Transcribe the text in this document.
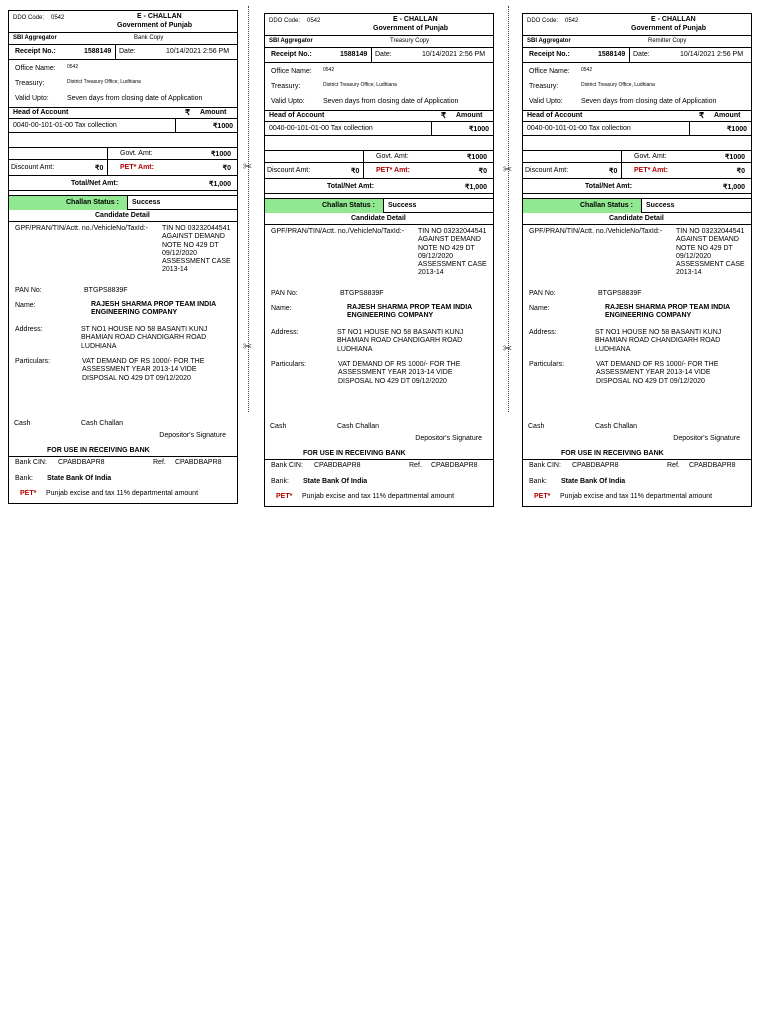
DDO Code: 0542	E - CHALLAN
Government of Punjab
SBI Aggregator	Bank Copy
Receipt No.:	1588149 Date:	10/14/2021 2:56 PM
Office Name: 0542
Treasury:	District Treasury Office, Ludhiana
Valid Upto:	Seven days from closing date of Application
Head of Account	₹ Amount
0040-00-101-01-00 Tax collection	₹1000
Govt. Amt:	₹1000
Discount Amt:	₹0 PET* Amt:	₹0
Total/Net Amt:	₹1,000
Challan Status : Success
Candidate Detail
GPF/PRAN/TIN/Actt. no./VehicleNo/TaxId:- TIN NO 03232044541 AGAINST DEMAND NOTE NO 429 DT 09/12/2020 ASSESSMENT CASE 2013-14
PAN No:	BTGPS8839F
Name:	RAJESH SHARMA PROP TEAM INDIA ENGINEERING COMPANY
Address:	ST NO1 HOUSE NO 58 BASANTI KUNJ BHAMIAN ROAD CHANDIGARH ROAD LUDHIANA
Particulars:	VAT DEMAND OF RS 1000/- FOR THE ASSESSMENT YEAR 2013-14 VIDE DISPOSAL NO 429 DT 09/12/2020
Cash	Cash Challan
Depositor's Signature
FOR USE IN RECEIVING BANK
Bank CIN: CPABDBAPR8	Ref. CPABDBAPR8
Bank: State Bank Of India
PET* Punjab excise and tax 11% departmental amount
DDO Code: 0542	E - CHALLAN
Government of Punjab
SBI Aggregator	Treasury Copy
Receipt No.:	1588149 Date:	10/14/2021 2:56 PM
Office Name: 0542
Treasury:	District Treasury Office, Ludhiana
Valid Upto:	Seven days from closing date of Application
Head of Account	₹ Amount
0040-00-101-01-00 Tax collection	₹1000
Govt. Amt:	₹1000
Discount Amt:	₹0 PET* Amt:	₹0
Total/Net Amt:	₹1,000
Challan Status : Success
Candidate Detail
GPF/PRAN/TIN/Actt. no./VehicleNo/TaxId:- TIN NO 03232044541 AGAINST DEMAND NOTE NO 429 DT 09/12/2020 ASSESSMENT CASE 2013-14
PAN No:	BTGPS8839F
Name:	RAJESH SHARMA PROP TEAM INDIA ENGINEERING COMPANY
Address:	ST NO1 HOUSE NO 58 BASANTI KUNJ BHAMIAN ROAD CHANDIGARH ROAD LUDHIANA
Particulars:	VAT DEMAND OF RS 1000/- FOR THE ASSESSMENT YEAR 2013-14 VIDE DISPOSAL NO 429 DT 09/12/2020
Cash	Cash Challan
Depositor's Signature
FOR USE IN RECEIVING BANK
Bank CIN: CPABDBAPR8	Ref. CPABDBAPR8
Bank: State Bank Of India
PET* Punjab excise and tax 11% departmental amount
DDO Code: 0542	E - CHALLAN
Government of Punjab
SBI Aggregator	Remitter Copy
Receipt No.:	1588149 Date:	10/14/2021 2:56 PM
Office Name: 0542
Treasury:	District Treasury Office, Ludhiana
Valid Upto:	Seven days from closing date of Application
Head of Account	₹ Amount
0040-00-101-01-00 Tax collection	₹1000
Govt. Amt:	₹1000
Discount Amt:	₹0 PET* Amt:	₹0
Total/Net Amt:	₹1,000
Challan Status : Success
Candidate Detail
GPF/PRAN/TIN/Actt. no./VehicleNo/TaxId:- TIN NO 03232044541 AGAINST DEMAND NOTE NO 429 DT 09/12/2020 ASSESSMENT CASE 2013-14
PAN No:	BTGPS8839F
Name:	RAJESH SHARMA PROP TEAM INDIA ENGINEERING COMPANY
Address:	ST NO1 HOUSE NO 58 BASANTI KUNJ BHAMIAN ROAD CHANDIGARH ROAD LUDHIANA
Particulars:	VAT DEMAND OF RS 1000/- FOR THE ASSESSMENT YEAR 2013-14 VIDE DISPOSAL NO 429 DT 09/12/2020
Cash	Cash Challan
Depositor's Signature
FOR USE IN RECEIVING BANK
Bank CIN: CPABDBAPR8	Ref. CPABDBAPR8
Bank: State Bank Of India
PET* Punjab excise and tax 11% departmental amount
✂
✂
✂
✂
